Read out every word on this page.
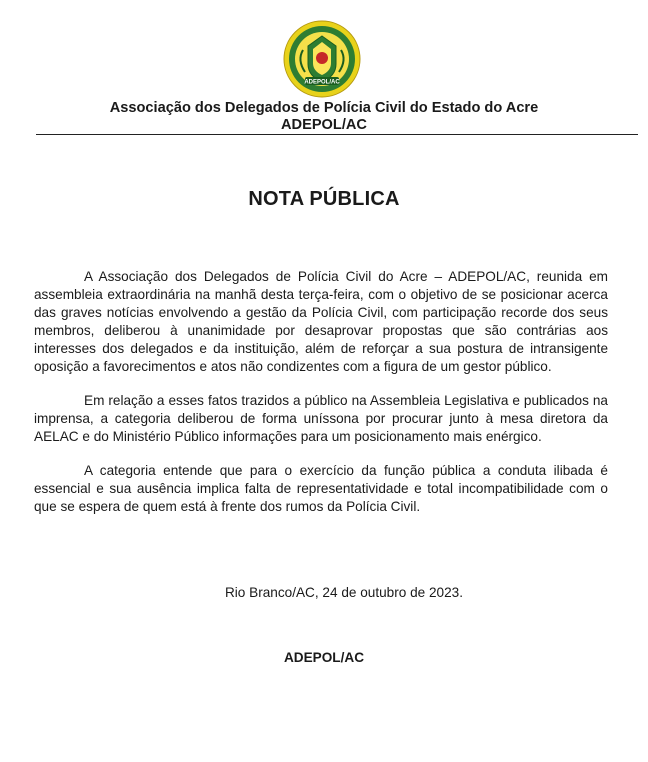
ADEPOL/AC

Associação dos Delegados de Polícia Civil do Estado do Acre

ADEPOL/AC

NOTA PÚBLICA

A Associação dos Delegados de Polícia Civil do Acre – ADEPOL/AC, reunida em assembleia extraordinária na manhã desta terça-feira, com o objetivo de se posicionar acerca das graves notícias envolvendo a gestão da Polícia Civil, com participação recorde dos seus membros, deliberou à unanimidade por desaprovar propostas que são contrárias aos interesses dos delegados e da instituição, além de reforçar a sua postura de intransigente oposição a favorecimentos e atos não condizentes com a figura de um gestor público.

Em relação a esses fatos trazidos a público na Assembleia Legislativa e publicados na imprensa, a categoria deliberou de forma uníssona por procurar junto à mesa diretora da AELAC e do Ministério Público informações para um posicionamento mais enérgico.

A categoria entende que para o exercício da função pública a conduta ilibada é essencial e sua ausência implica falta de representatividade e total incompatibilidade com o que se espera de quem está à frente dos rumos da Polícia Civil.

Rio Branco/AC, 24 de outubro de 2023.
ADEPOL/AC
